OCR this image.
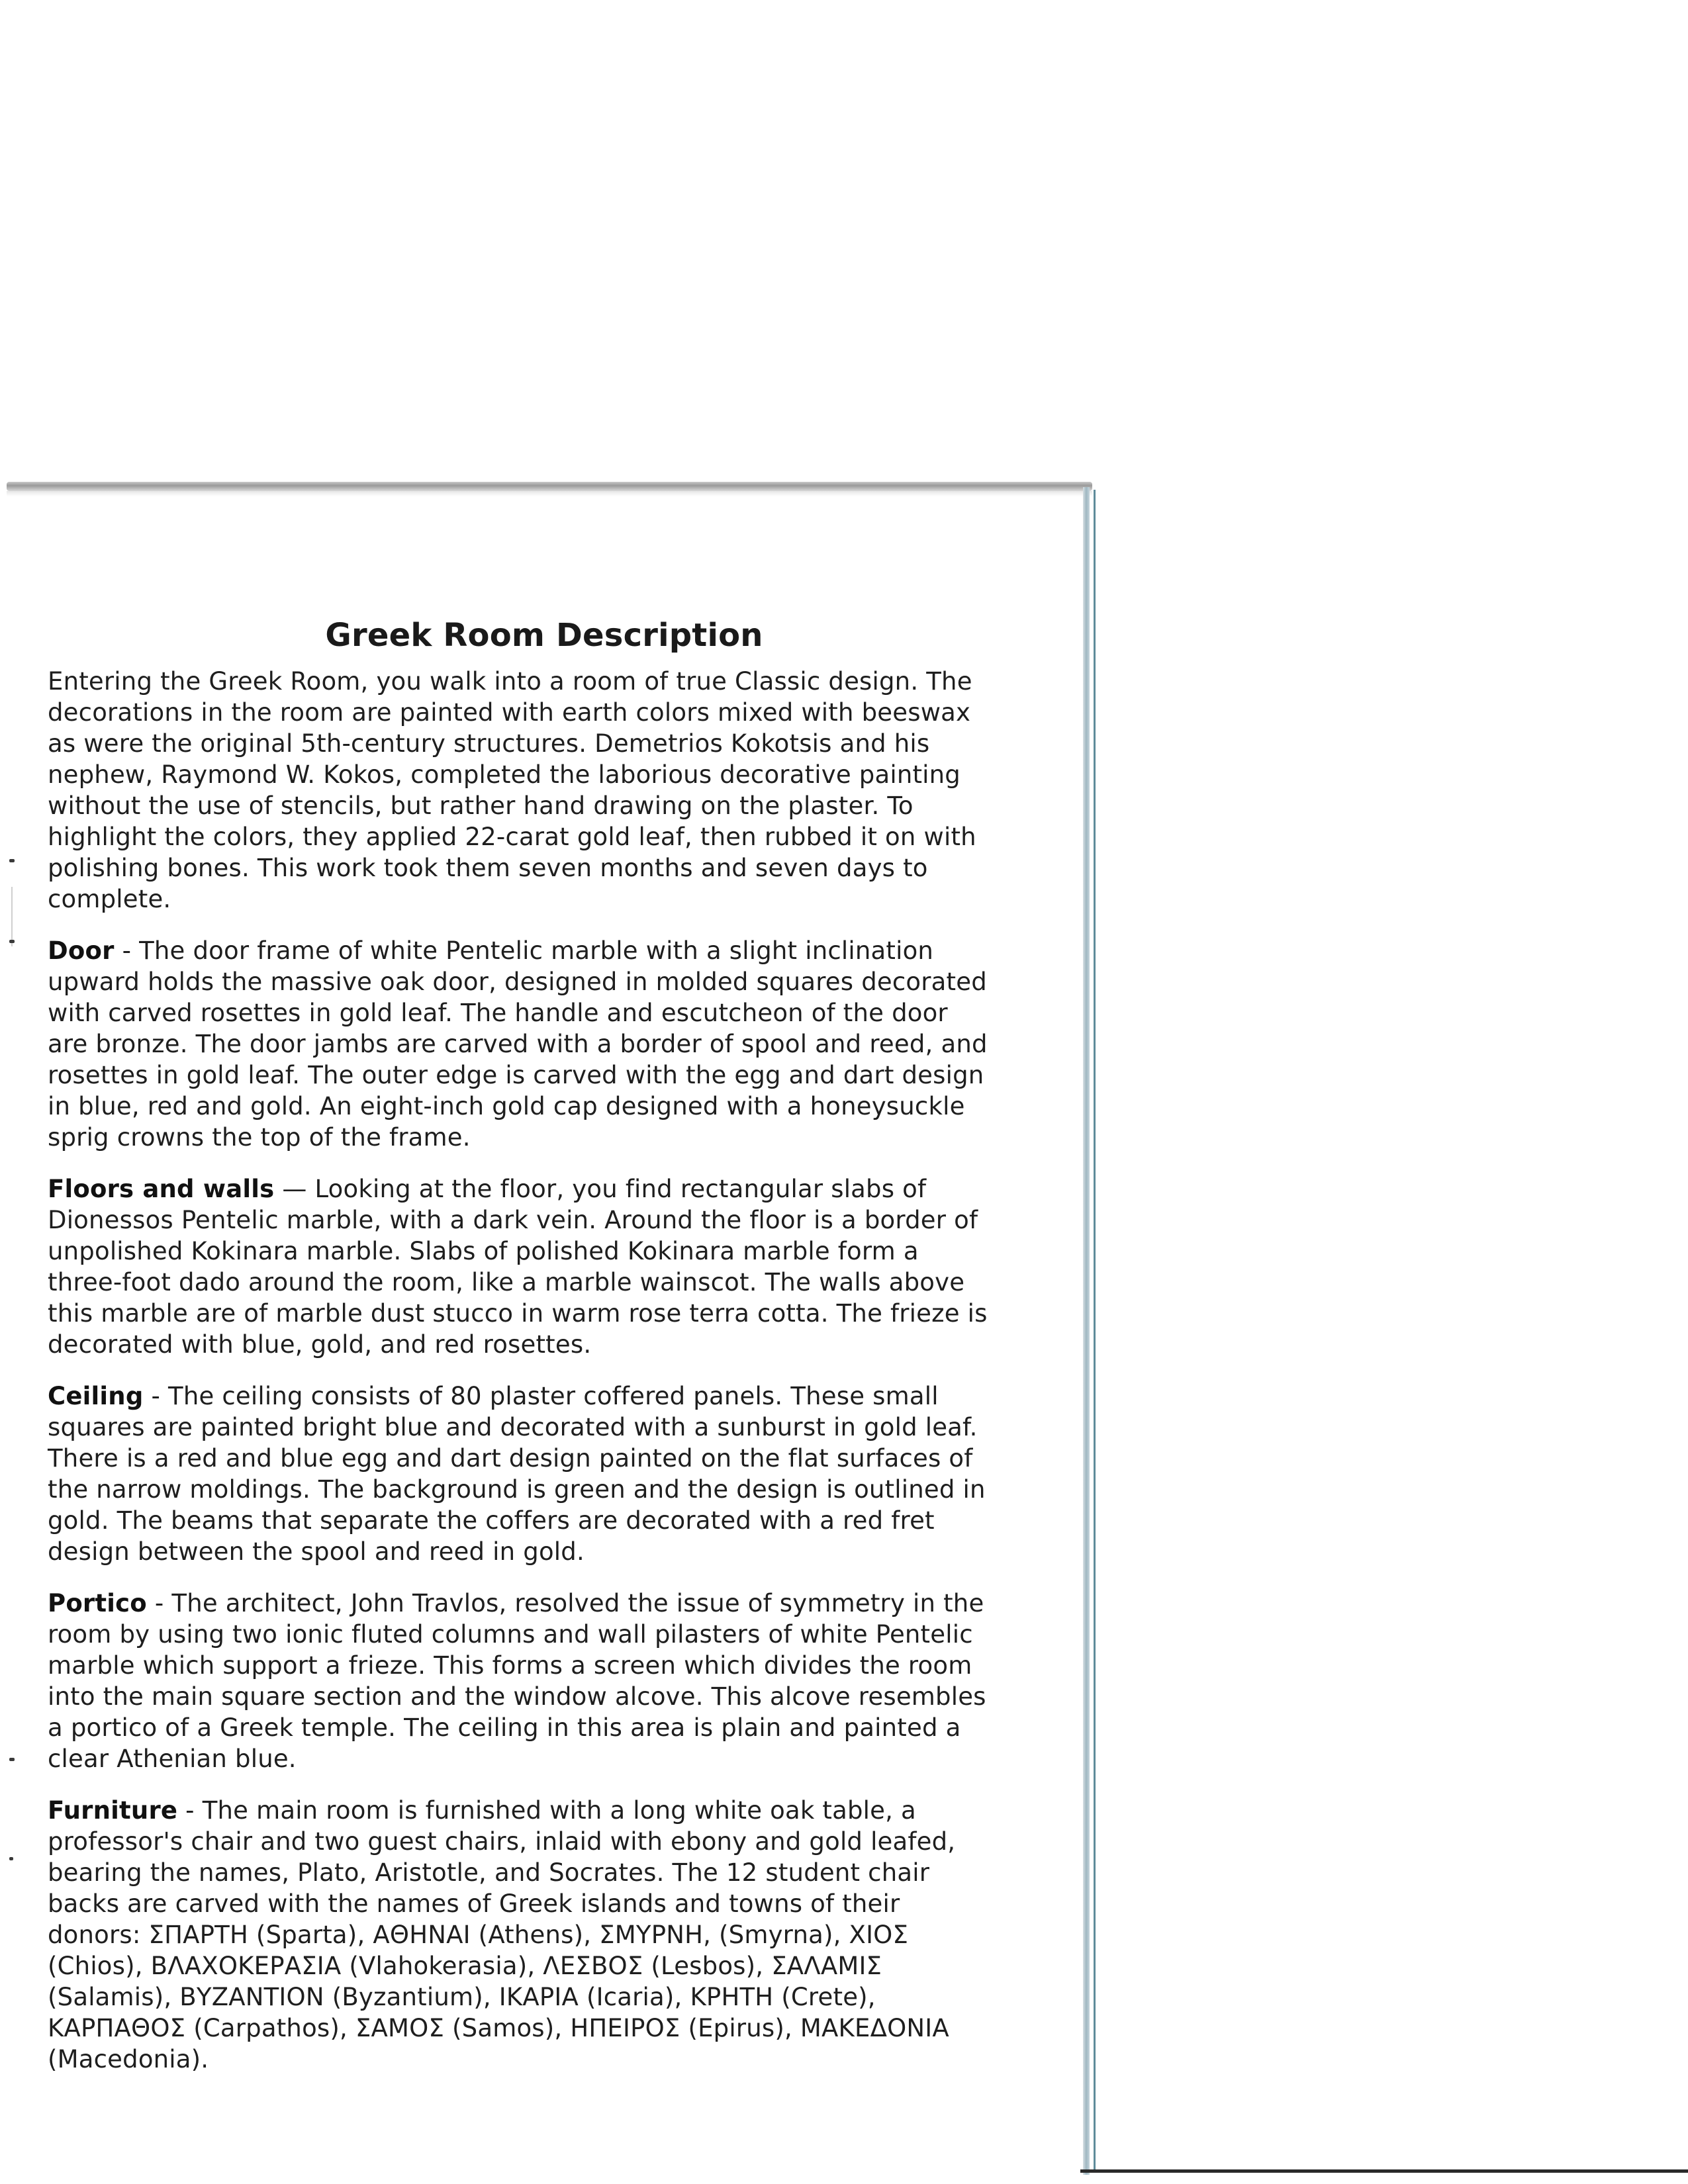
Greek Room Description

Entering the Greek Room, you walk into a room of true Classic design. The decorations in the room are painted with earth colors mixed with beeswax as were the original 5th-century structures. Demetrios Kokotsis and his nephew, Raymond W. Kokos, completed the laborious decorative painting without the use of stencils, but rather hand drawing on the plaster. To highlight the colors, they applied 22-carat gold leaf, then rubbed it on with polishing bones. This work took them seven months and seven days to complete.

Door - The door frame of white Pentelic marble with a slight inclination upward holds the massive oak door, designed in molded squares decorated with carved rosettes in gold leaf. The handle and escutcheon of the door are bronze. The door jambs are carved with a border of spool and reed, and rosettes in gold leaf. The outer edge is carved with the egg and dart design in blue, red and gold. An eight-inch gold cap designed with a honeysuckle sprig crowns the top of the frame.

Floors and walls — Looking at the floor, you find rectangular slabs of Dionessos Pentelic marble, with a dark vein. Around the floor is a border of unpolished Kokinara marble. Slabs of polished Kokinara marble form a three-foot dado around the room, like a marble wainscot. The walls above this marble are of marble dust stucco in warm rose terra cotta. The frieze is decorated with blue, gold, and red rosettes.

Ceiling - The ceiling consists of 80 plaster coffered panels. These small squares are painted bright blue and decorated with a sunburst in gold leaf. There is a red and blue egg and dart design painted on the flat surfaces of the narrow moldings. The background is green and the design is outlined in gold. The beams that separate the coffers are decorated with a red fret design between the spool and reed in gold.

Portico - The architect, John Travlos, resolved the issue of symmetry in the room by using two ionic fluted columns and wall pilasters of white Pentelic marble which support a frieze. This forms a screen which divides the room into the main square section and the window alcove. This alcove resembles a portico of a Greek temple. The ceiling in this area is plain and painted a clear Athenian blue.

Furniture - The main room is furnished with a long white oak table, a professor's chair and two guest chairs, inlaid with ebony and gold leafed, bearing the names, Plato, Aristotle, and Socrates. The 12 student chair backs are carved with the names of Greek islands and towns of their donors: ΣΠΑΡΤΗ (Sparta), ΑΘΗΝΑΙ (Athens), ΣΜΥΡΝΗ, (Smyrna), ΧΙΟΣ (Chios), ΒΛΑΧΟΚΕΡΑΣΙΑ (Vlahokerasia), ΛΕΣΒΟΣ (Lesbos), ΣΑΛΑΜΙΣ (Salamis), ΒΥΖΑΝΤΙΟΝ (Byzantium), ΙΚΑΡΙΑ (Icaria), ΚΡΗΤΗ (Crete), ΚΑΡΠΑΘΟΣ (Carpathos), ΣΑΜΟΣ (Samos), ΗΠΕΙΡΟΣ (Epirus), ΜΑΚΕΔΟΝΙΑ (Macedonia).
